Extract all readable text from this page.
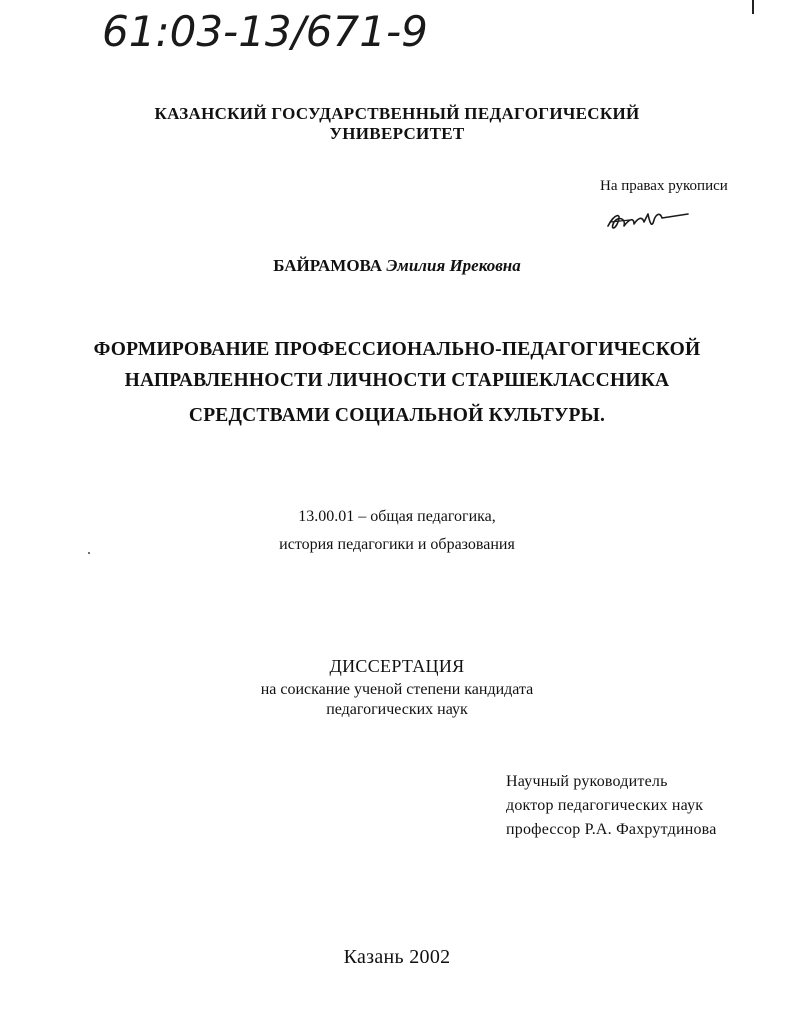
61:03-13/671-9
КАЗАНСКИЙ ГОСУДАРСТВЕННЫЙ ПЕДАГОГИЧЕСКИЙ
УНИВЕРСИТЕТ
На правах рукописи
БАЙРАМОВА Эмилия Ирековна
ФОРМИРОВАНИЕ ПРОФЕССИОНАЛЬНО-ПЕДАГОГИЧЕСКОЙ
НАПРАВЛЕННОСТИ ЛИЧНОСТИ СТАРШЕКЛАССНИКА
СРЕДСТВАМИ СОЦИАЛЬНОЙ КУЛЬТУРЫ.
13.00.01 – общая педагогика,
история педагогики и образования
ДИССЕРТАЦИЯ
на соискание ученой степени кандидата
педагогических наук
Научный руководитель
доктор педагогических наук
профессор Р.А. Фахрутдинова
Казань 2002
